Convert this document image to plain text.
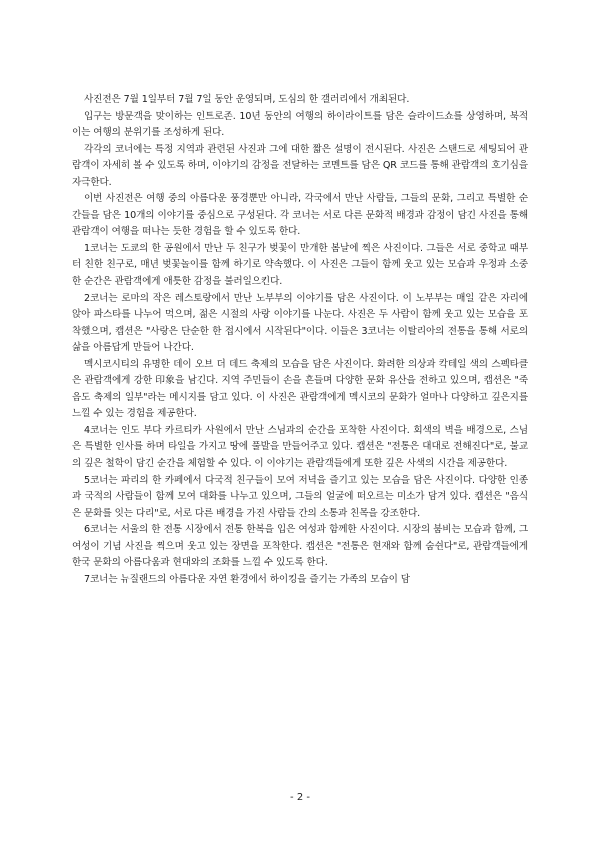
사진전은 7월 1일부터 7월 7일 동안 운영되며, 도심의 한 갤러리에서 개최된다.

입구는 방문객을 맞이하는 인트로존. 10년 동안의 여행의 하이라이트를 담은 슬라이드쇼를 상영하며, 북적이는 여행의 분위기를 조성하게 된다.

각각의 코너에는 특정 지역과 관련된 사진과 그에 대한 짧은 설명이 전시된다. 사진은 스탠드로 세팅되어 관람객이 자세히 볼 수 있도록 하며, 이야기의 감정을 전달하는 코멘트를 담은 QR 코드를 통해 관람객의 호기심을 자극한다.

이번 사진전은 여행 중의 아름다운 풍경뿐만 아니라, 각국에서 만난 사람들, 그들의 문화, 그리고 특별한 순간들을 담은 10개의 이야기를 중심으로 구성된다. 각 코너는 서로 다른 문화적 배경과 감정이 담긴 사진을 통해 관람객이 여행을 떠나는 듯한 경험을 할 수 있도록 한다.

1코너는 도쿄의 한 공원에서 만난 두 친구가 벚꽃이 만개한 봄날에 찍은 사진이다. 그들은 서로 중학교 때부터 친한 친구로, 매년 벚꽃놀이를 함께 하기로 약속했다. 이 사진은 그들이 함께 웃고 있는 모습과 우정과 소중한 순간은 관람객에게 애틋한 감정을 불러일으킨다.

2코너는 로마의 작은 레스토랑에서 만난 노부부의 이야기를 담은 사진이다. 이 노부부는 매일 같은 자리에 앉아 파스타를 나누어 먹으며, 젊은 시절의 사랑 이야기를 나눈다. 사진은 두 사람이 함께 웃고 있는 모습을 포착했으며, 캡션은 "사랑은 단순한 한 접시에서 시작된다"이다. 이들은 3코너는 이탈리아의 전통을 통해 서로의 삶을 아름답게 만들어 나간다.

멕시코시티의 유명한 데이 오브 더 데드 축제의 모습을 담은 사진이다. 화려한 의상과 칵테일 색의 스펙타클은 관람객에게 강한 印象을 남긴다. 지역 주민들이 손을 흔들며 다양한 문화 유산을 전하고 있으며, 캡션은 "죽음도 축제의 일부"라는 메시지를 담고 있다. 이 사진은 관람객에게 멕시코의 문화가 얼마나 다양하고 깊은지를 느낄 수 있는 경험을 제공한다.

4코너는 인도 부다 카르티카 사원에서 만난 스님과의 순간을 포착한 사진이다. 회색의 벽을 배경으로, 스님은 특별한 인사를 하며 타일을 가지고 땅에 풀발을 만들어주고 있다. 캡션은 "전통은 대대로 전해진다"로, 불교의 깊은 철학이 담긴 순간을 체험할 수 있다. 이 이야기는 관람객들에게 또한 깊은 사색의 시간을 제공한다.

5코너는 파리의 한 카페에서 다국적 친구들이 모여 저녁을 즐기고 있는 모습을 담은 사진이다. 다양한 인종과 국적의 사람들이 함께 모여 대화를 나누고 있으며, 그들의 얼굴에 떠오르는 미소가 담겨 있다. 캡션은 "음식은 문화를 잇는 다리"로, 서로 다른 배경을 가진 사람들 간의 소통과 친목을 강조한다.

6코너는 서울의 한 전통 시장에서 전통 한복을 입은 여성과 함께한 사진이다. 시장의 붐비는 모습과 함께, 그 여성이 기념 사진을 찍으며 웃고 있는 장면을 포착한다. 캡션은 "전통은 현재와 함께 숨쉰다"로, 관람객들에게 한국 문화의 아름다움과 현대와의 조화를 느낄 수 있도록 한다.

7코너는 뉴질랜드의 아름다운 자연 환경에서 하이킹을 즐기는 가족의 모습이 담

- 2 -
